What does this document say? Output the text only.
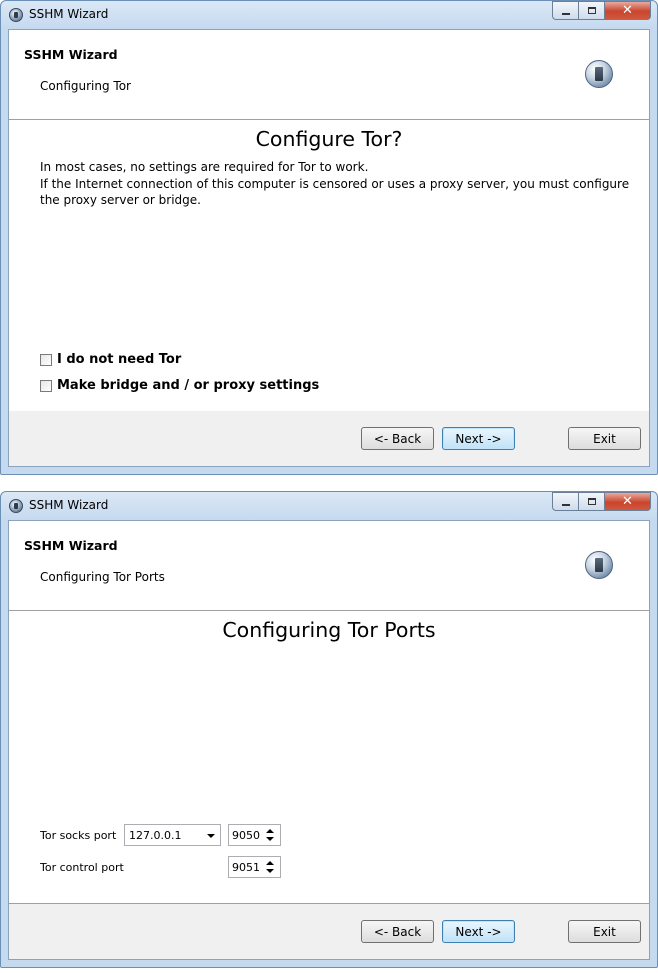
SSHM Wizard	✕
SSHM Wizard
Configuring Tor
Configure Tor?
In most cases, no settings are required for Tor to work.
If the Internet connection of this computer is censored or uses a proxy server, you must configure
the proxy server or bridge.
I do not need Tor
Make bridge and / or proxy settings
<- Back	Next ->	Exit
SSHM Wizard	✕
SSHM Wizard
Configuring Tor Ports
Configuring Tor Ports
Tor socks port 127.0.0.1	9050
Tor control port	9051
<- Back	Next ->	Exit
